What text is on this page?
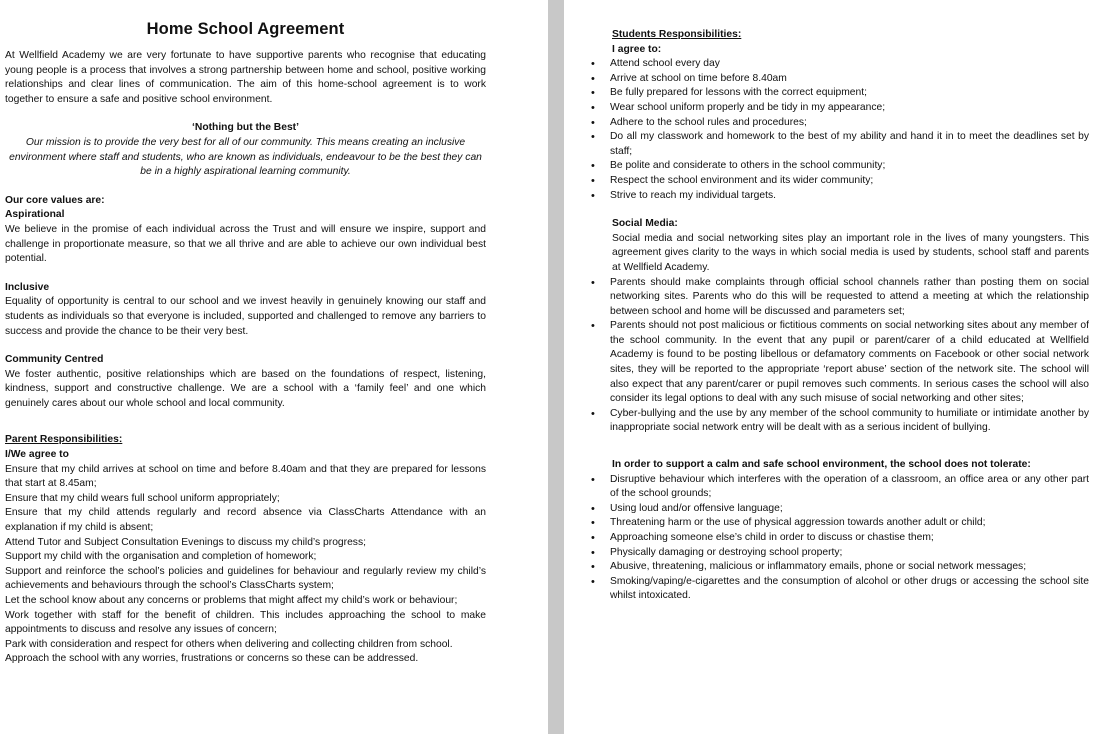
Home School Agreement

At Wellfield Academy we are very fortunate to have supportive parents who recognise that educating young people is a process that involves a strong partnership between home and school, positive working relationships and clear lines of communication. The aim of this home-school agreement is to work together to ensure a safe and positive school environment.

‘Nothing but the Best’

Our mission is to provide the very best for all of our community. This means creating an inclusive environment where staff and students, who are known as individuals, endeavour to be the best they can be in a highly aspirational learning community.

Our core values are:

Aspirational

We believe in the promise of each individual across the Trust and will ensure we inspire, support and challenge in proportionate measure, so that we all thrive and are able to achieve our own individual best potential.

Inclusive

Equality of opportunity is central to our school and we invest heavily in genuinely knowing our staff and students as individuals so that everyone is included, supported and challenged to remove any barriers to success and provide the chance to be their very best.

Community Centred

We foster authentic, positive relationships which are based on the foundations of respect, listening, kindness, support and constructive challenge. We are a school with a ‘family feel’ and one which genuinely cares about our whole school and local community.

Parent Responsibilities:

I/We agree to

Ensure that my child arrives at school on time and before 8.40am and that they are prepared for lessons that start at 8.45am;

Ensure that my child wears full school uniform appropriately;

Ensure that my child attends regularly and record absence via ClassCharts Attendance with an explanation if my child is absent;

Attend Tutor and Subject Consultation Evenings to discuss my child’s progress;

Support my child with the organisation and completion of homework;

Support and reinforce the school’s policies and guidelines for behaviour and regularly review my child’s achievements and behaviours through the school’s ClassCharts system;

Let the school know about any concerns or problems that might affect my child’s work or behaviour;

Work together with staff for the benefit of children. This includes approaching the school to make appointments to discuss and resolve any issues of concern;

Park with consideration and respect for others when delivering and collecting children from school.

Approach the school with any worries, frustrations or concerns so these can be addressed.

Students Responsibilities:

I agree to:

• Attend school every day
• Arrive at school on time before 8.40am
• Be fully prepared for lessons with the correct equipment;
• Wear school uniform properly and be tidy in my appearance;
• Adhere to the school rules and procedures;
• Do all my classwork and homework to the best of my ability and hand it in to meet the deadlines set by staff;
• Be polite and considerate to others in the school community;
• Respect the school environment and its wider community;
• Strive to reach my individual targets.

Social Media:

Social media and social networking sites play an important role in the lives of many youngsters. This agreement gives clarity to the ways in which social media is used by students, school staff and parents at Wellfield Academy.

• Parents should make complaints through official school channels rather than posting them on social networking sites. Parents who do this will be requested to attend a meeting at which the relationship between school and home will be discussed and parameters set;
• Parents should not post malicious or fictitious comments on social networking sites about any member of the school community. In the event that any pupil or parent/carer of a child educated at Wellfield Academy is found to be posting libellous or defamatory comments on Facebook or other social network sites, they will be reported to the appropriate ‘report abuse’ section of the network site. The school will also expect that any parent/carer or pupil removes such comments. In serious cases the school will also consider its legal options to deal with any such misuse of social networking and other sites;
• Cyber-bullying and the use by any member of the school community to humiliate or intimidate another by inappropriate social network entry will be dealt with as a serious incident of bullying.

In order to support a calm and safe school environment, the school does not tolerate:

• Disruptive behaviour which interferes with the operation of a classroom, an office area or any other part of the school grounds;
• Using loud and/or offensive language;
• Threatening harm or the use of physical aggression towards another adult or child;
• Approaching someone else’s child in order to discuss or chastise them;
• Physically damaging or destroying school property;
• Abusive, threatening, malicious or inflammatory emails, phone or social network messages;
• Smoking/vaping/e-cigarettes and the consumption of alcohol or other drugs or accessing the school site whilst intoxicated.
